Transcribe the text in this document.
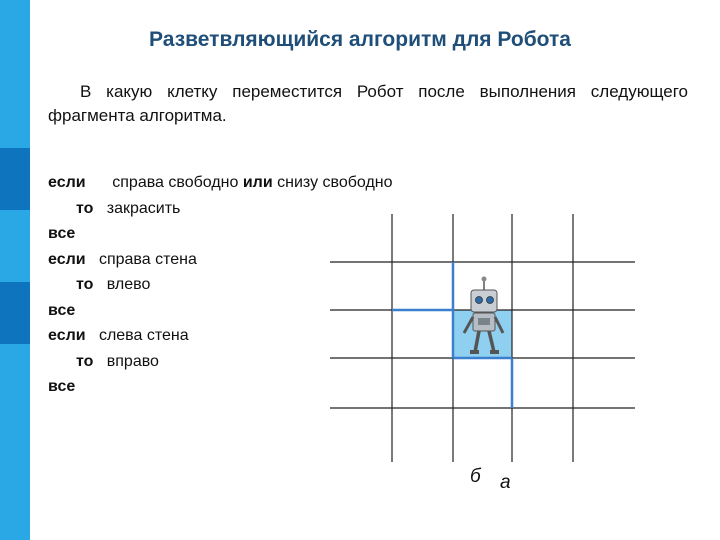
Разветвляющийся алгоритм для Робота
В какую клетку переместится Робот после выполнения следующего фрагмента алгоритма.
если справа свободно или снизу свободно
то закрасить
все
если справа стена
то влево
все
если слева стена
то вправо
все
б а
